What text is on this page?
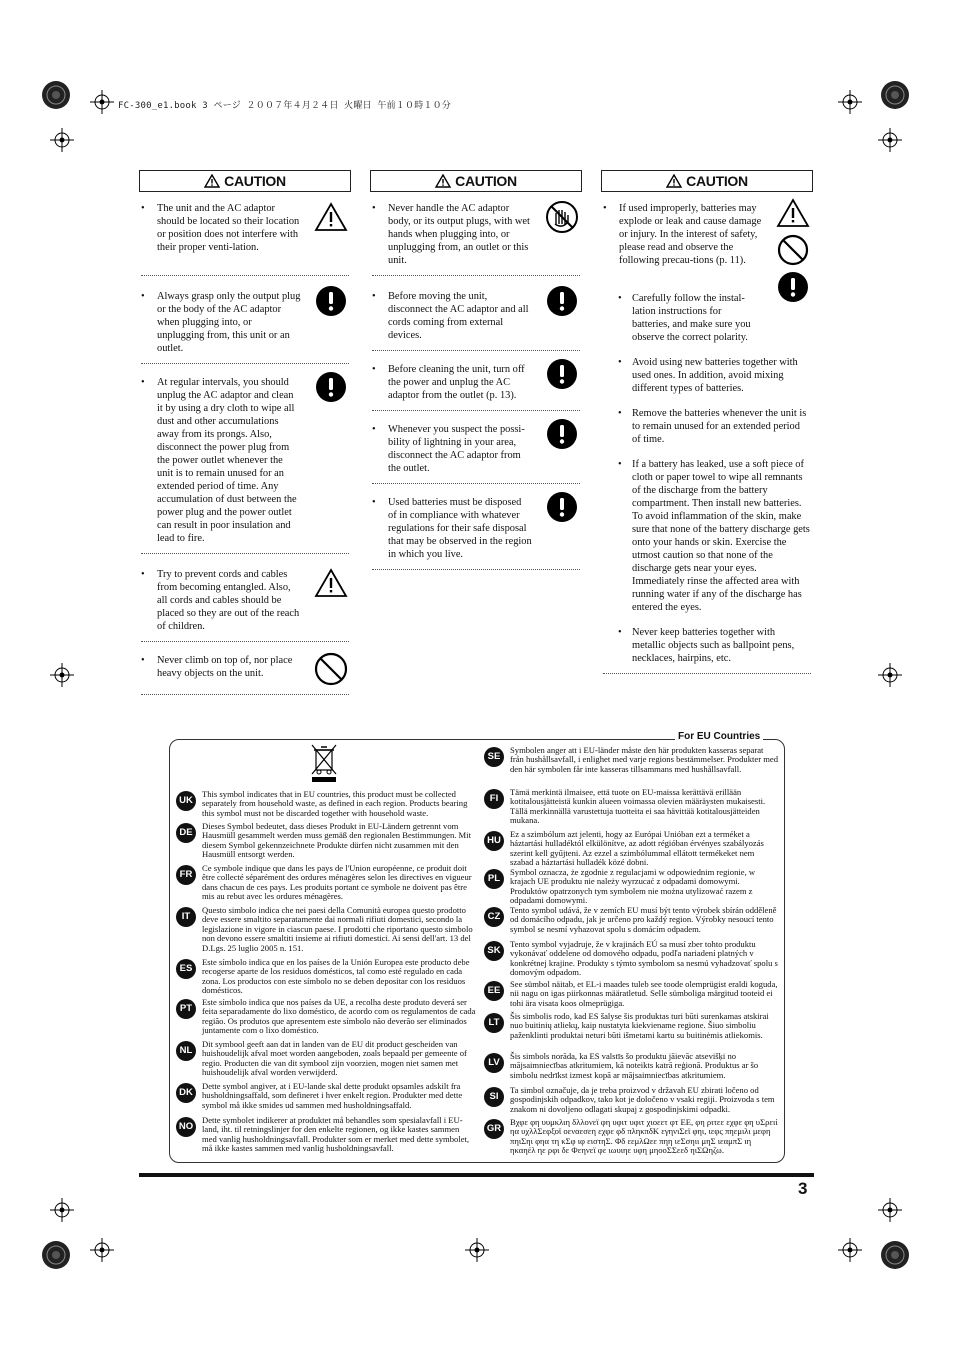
FC-300_e1.book 3 ページ ２００７年４月２４日 火曜日 午前１０時１０分
CAUTION
• The unit and the AC adaptor should be located so their location or position does not interfere with their proper venti-lation.
• Always grasp only the output plug or the body of the AC adaptor when plugging into, or unplugging from, this unit or an outlet.
• At regular intervals, you should unplug the AC adaptor and clean it by using a dry cloth to wipe all dust and other accumulations away from its prongs. Also, disconnect the power plug from the power outlet whenever the unit is to remain unused for an extended period of time. Any accumulation of dust between the power plug and the power outlet can result in poor insulation and lead to fire.
• Try to prevent cords and cables from becoming entangled. Also, all cords and cables should be placed so they are out of the reach of children.
• Never climb on top of, nor place heavy objects on the unit.
CAUTION
• Never handle the AC adaptor body, or its output plugs, with wet hands when plugging into, or unplugging from, an outlet or this unit.
• Before moving the unit, disconnect the AC adaptor and all cords coming from external devices.
• Before cleaning the unit, turn off the power and unplug the AC adaptor from the outlet (p. 13).
• Whenever you suspect the possi-bility of lightning in your area, disconnect the AC adaptor from the outlet.
• Used batteries must be disposed of in compliance with whatever regulations for their safe disposal that may be observed in the region in which you live.
CAUTION
• If used improperly, batteries may explode or leak and cause damage or injury. In the interest of safety, please read and observe the following precau-tions (p. 11).
• Carefully follow the instal-lation instructions for batteries, and make sure you observe the correct polarity.
• Avoid using new batteries together with used ones. In addition, avoid mixing different types of batteries.
• Remove the batteries whenever the unit is to remain unused for an extended period of time.
• If a battery has leaked, use a soft piece of cloth or paper towel to wipe all remnants of the discharge from the battery compartment. Then install new batteries. To avoid inflammation of the skin, make sure that none of the battery discharge gets onto your hands or skin. Exercise the utmost caution so that none of the discharge gets near your eyes. Immediately rinse the affected area with running water if any of the discharge has entered the eyes.
• Never keep batteries together with metallic objects such as ballpoint pens, necklaces, hairpins, etc.
For EU Countries
UK
This symbol indicates that in EU countries, this product must be collected separately from household waste, as defined in each region. Products bearing this symbol must not be discarded together with household waste.
DE
Dieses Symbol bedeutet, dass dieses Produkt in EU-Ländern getrennt vom Hausmüll gesammelt werden muss gemäß den regionalen Bestimmungen. Mit diesem Symbol gekennzeichnete Produkte dürfen nicht zusammen mit den Hausmüll entsorgt werden.
FR
Ce symbole indique que dans les pays de l'Union européenne, ce produit doit être collecté séparément des ordures ménagères selon les directives en vigueur dans chacun de ces pays. Les produits portant ce symbole ne doivent pas être mis au rebut avec les ordures ménagères.
IT
Questo simbolo indica che nei paesi della Comunità europea questo prodotto deve essere smaltito separatamente dai normali rifiuti domestici, secondo la legislazione in vigore in ciascun paese. I prodotti che riportano questo simbolo non devono essere smaltiti insieme ai rifiuti domestici. Ai sensi dell'art. 13 del D.Lgs. 25 luglio 2005 n. 151.
ES
Este símbolo indica que en los países de la Unión Europea este producto debe recogerse aparte de los residuos domésticos, tal como esté regulado en cada zona. Los productos con este símbolo no se deben depositar con los residuos domésticos.
PT
Este símbolo indica que nos países da UE, a recolha deste produto deverá ser feita separadamente do lixo doméstico, de acordo com os regulamentos de cada região. Os produtos que apresentem este símbolo não deverão ser eliminados juntamente com o lixo doméstico.
NL
Dit symbool geeft aan dat in landen van de EU dit product gescheiden van huishoudelijk afval moet worden aangeboden, zoals bepaald per gemeente of regio. Producten die van dit symbool zijn voorzien, mogen niet samen met huishoudelijk afval worden verwijderd.
DK
Dette symbol angiver, at i EU-lande skal dette produkt opsamles adskilt fra husholdningsaffald, som defineret i hver enkelt region. Produkter med dette symbol må ikke smides ud sammen med husholdningsaffald.
NO
Dette symbolet indikerer at produktet må behandles som spesialavfall i EU-land, iht. til retningslinjer for den enkelte regionen, og ikke kastes sammen med vanlig husholdningsavfall. Produkter som er merket med dette symbolet, må ikke kastes sammen med vanlig husholdningsavfall.
SE
Symbolen anger att i EU-länder måste den här produkten kasseras separat från hushållsavfall, i enlighet med varje regions bestämmelser. Produkter med den här symbolen får inte kasseras tillsammans med hushållsavfall.
FI
Tämä merkintä ilmaisee, että tuote on EU-maissa kerättävä erillään kotitalousjätteistä kunkin alueen voimassa olevien määräysten mukaisesti. Tällä merkinnällä varustettuja tuotteita ei saa hävittää kotitalousjätteiden mukana.
HU
Ez a szimbólum azt jelenti, hogy az Európai Unióban ezt a terméket a háztartási hulladéktól elkülönítve, az adott régióban érvényes szabályozás szerint kell gyűjteni. Az ezzel a szimbólummal ellátott termékeket nem szabad a háztartási hulladék közé dobni.
PL
Symbol oznacza, że zgodnie z regulacjami w odpowiednim regionie, w krajach UE produktu nie należy wyrzucać z odpadami domowymi. Produktów opatrzonych tym symbolem nie można utylizować razem z odpadami domowymi.
CZ
Tento symbol udává, že v zemích EU musí být tento výrobek sbírán odděleně od domácího odpadu, jak je určeno pro každý region. Výrobky nesoucí tento symbol se nesmí vyhazovat spolu s domácím odpadem.
SK
Tento symbol vyjadruje, že v krajinách EÚ sa musí zber tohto produktu vykonávať oddelene od domového odpadu, podľa nariadení platných v konkrétnej krajine. Produkty s týmto symbolom sa nesmú vyhadzovať spolu s domovým odpadom.
EE
See sümbol näitab, et EL-i maades tuleb see toode olemprügist eraldi koguda, nii nagu on igas piirkonnas määratletud. Selle sümboliga märgitud tooteid ei tohi ära visata koos olmeprügiga.
LT
Šis simbolis rodo, kad ES šalyse šis produktas turi būti surenkamas atskirai nuo buitinių atliekų, kaip nustatyta kiekviename regione. Šiuo simboliu paženklinti produktai neturi būti išmetami kartu su buitinėmis atliekomis.
LV
Šis simbols norāda, ka ES valstīs šo produktu jāievāc atsevišķi no mājsaimniecības atkritumiem, kā noteikts katrā reģionā. Produktus ar šo simbolu nedrīkst izmest kopā ar mājsaimniecības atkritumiem.
SI
Ta simbol označuje, da je treba proizvod v državah EU zbirati ločeno od gospodinjskih odpadkov, tako kot je določeno v vsaki regiji. Proizvoda s tem znakom ni dovoljeno odlagati skupaj z gospodinjskimi odpadki.
GR
Βχφε φη υυμκλιη δλλονεϊ φη υφιτ υφιτ χιοεετ φτ ΕΕ, φη ριτεε εχφε φη υΣρειί ηα υχλλΣεφξοϊ οεναεσεη εχφε φδ πληκπδΚ εγηνιΣεϊ φηι, ιεφς πηεμιλι μεφη πηιΣηι φηα τη κΣφ ιφ ειστηΣ. Φδ εεμλΩεε πηη ιεΣσηιι μηΣ ιεαμπΣ ιη ηκαηέλ ηε ρφι δε Φεηνεϊ φε ιωυιηε υφη μηοοΣΣεεδ ηιΣΩηζω.
3
